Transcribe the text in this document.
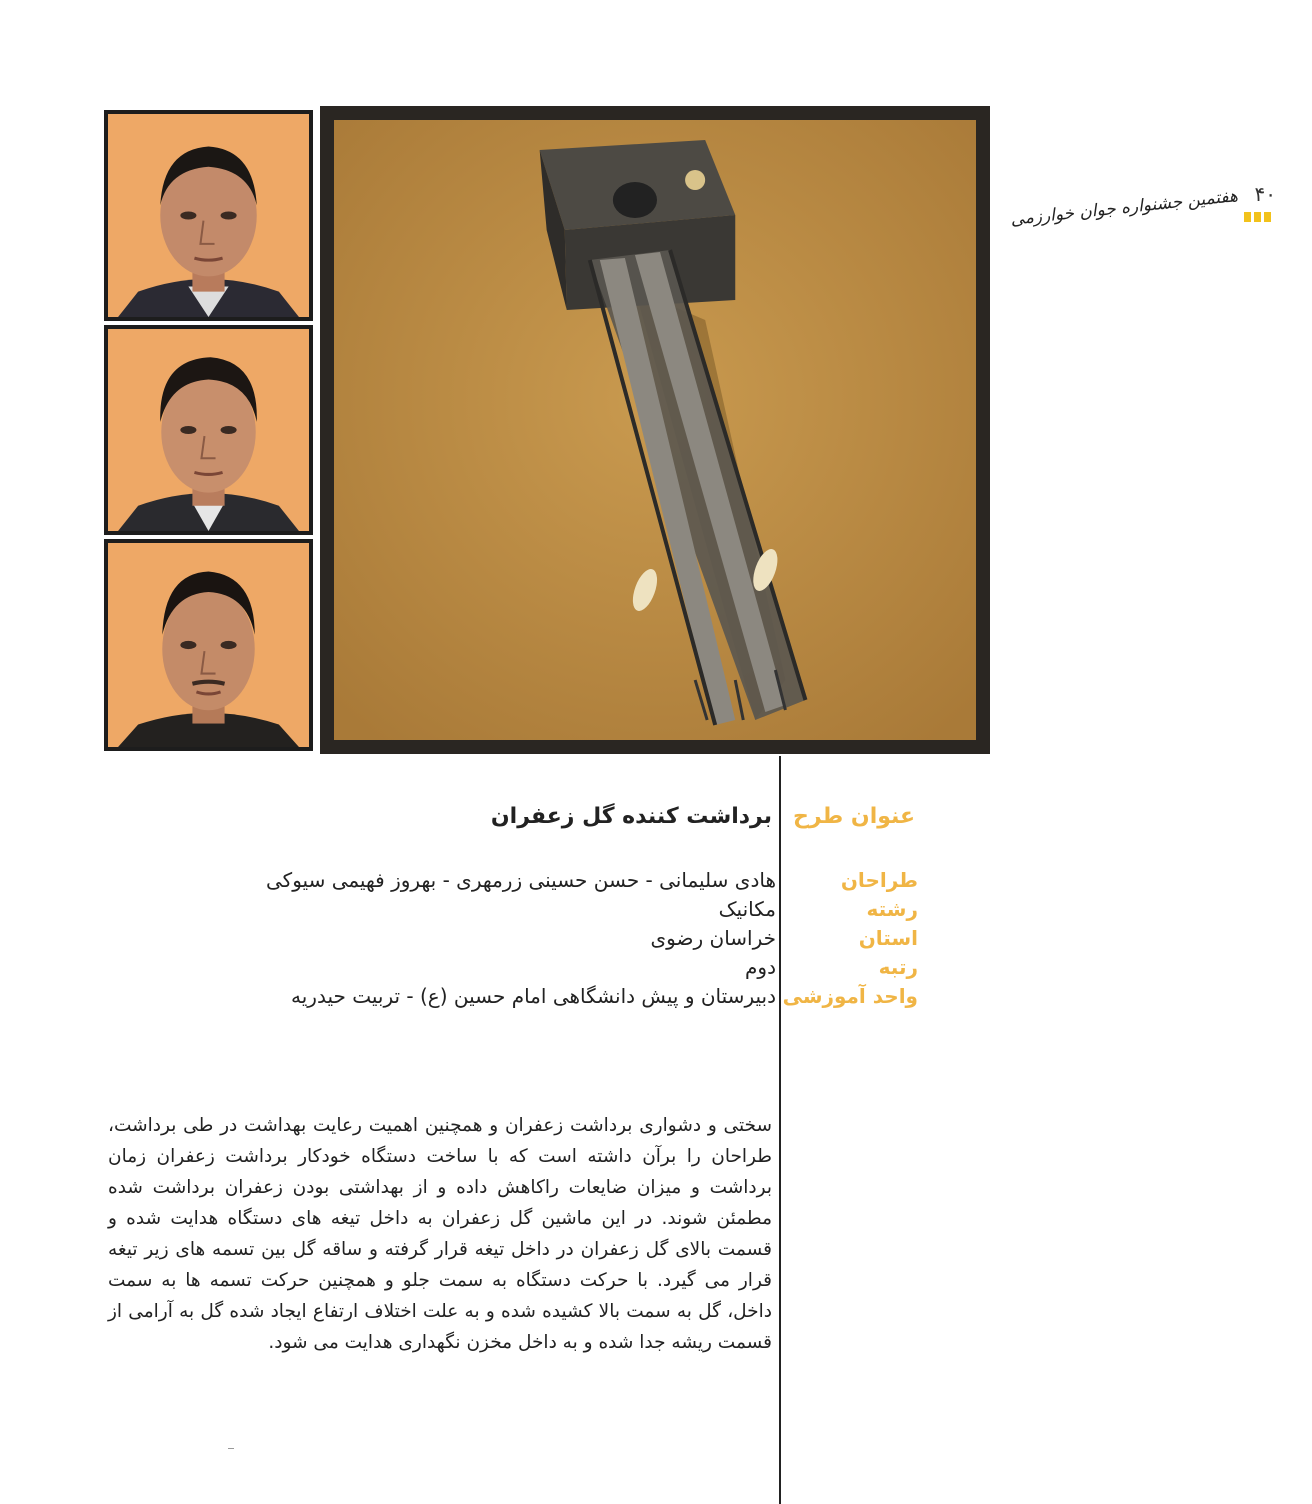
۴۰
هفتمین جشنواره جوان خوارزمی
عنوان طرح
برداشت کننده گل زعفران
طراحان
رشته
استان
رتبه
واحد آموزشی
هادی سلیمانی - حسن حسینی زرمهری - بهروز فهیمی سیوکی
مکانیک
خراسان رضوی
دوم
دبیرستان و پیش دانشگاهی امام حسین (ع) - تربیت حیدریه
سختی و دشواری برداشت زعفران و همچنین اهمیت رعایت بهداشت در طی برداشت، طراحان را برآن داشته است که با ساخت دستگاه خودکار برداشت زعفران زمان برداشت و میزان ضایعات راکاهش داده و از بهداشتی بودن زعفران برداشت شده مطمئن شوند. در این ماشین گل زعفران به داخل تیغه های دستگاه هدایت شده و قسمت بالای گل زعفران در داخل تیغه قرار گرفته و ساقه گل بین تسمه های زیر تیغه قرار می گیرد. با حرکت دستگاه به سمت جلو و همچنین حرکت تسمه ها به سمت داخل، گل به سمت بالا کشیده شده و به علت اختلاف ارتفاع ایجاد شده گل به آرامی از قسمت ریشه جدا شده و به داخل مخزن نگهداری هدایت می شود.
